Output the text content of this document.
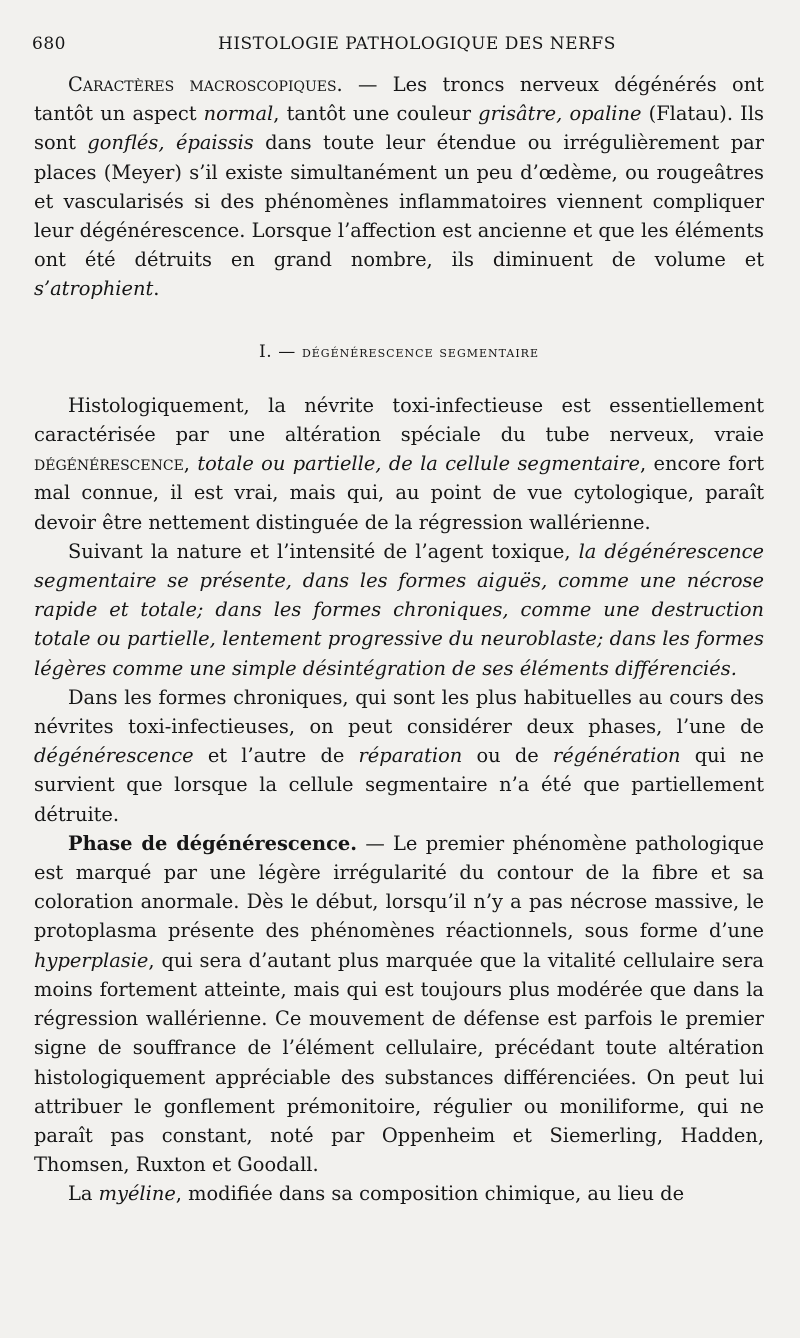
680	HISTOLOGIE PATHOLOGIQUE DES NERFS

Caractères macroscopiques. — Les troncs nerveux dégénérés ont tantôt un aspect normal, tantôt une couleur grisâtre, opaline (Flatau). Ils sont gonflés, épaissis dans toute leur étendue ou irrégulièrement par places (Meyer) s’il existe simultanément un peu d’œdème, ou rougeâtres et vascularisés si des phénomènes inflammatoires viennent compliquer leur dégénérescence. Lorsque l’affection est ancienne et que les éléments ont été détruits en grand nombre, ils diminuent de volume et s’atrophient.

I. — dégénérescence segmentaire

Histologiquement, la névrite toxi-infectieuse est essentiellement caractérisée par une altération spéciale du tube nerveux, vraie dégénérescence, totale ou partielle, de la cellule segmentaire, encore fort mal connue, il est vrai, mais qui, au point de vue cytologique, paraît devoir être nettement distinguée de la régression wallérienne.

Suivant la nature et l’intensité de l’agent toxique, la dégénérescence segmentaire se présente, dans les formes aiguës, comme une nécrose rapide et totale; dans les formes chroniques, comme une destruction totale ou partielle, lentement progressive du neuroblaste; dans les formes légères comme une simple désintégration de ses éléments différenciés.

Dans les formes chroniques, qui sont les plus habituelles au cours des névrites toxi-infectieuses, on peut considérer deux phases, l’une de dégénérescence et l’autre de réparation ou de régénération qui ne survient que lorsque la cellule segmentaire n’a été que partiellement détruite.

Phase de dégénérescence. — Le premier phénomène pathologique est marqué par une légère irrégularité du contour de la fibre et sa coloration anormale. Dès le début, lorsqu’il n’y a pas nécrose massive, le protoplasma présente des phénomènes réactionnels, sous forme d’une hyperplasie, qui sera d’autant plus marquée que la vitalité cellulaire sera moins fortement atteinte, mais qui est toujours plus modérée que dans la régression wallérienne. Ce mouvement de défense est parfois le premier signe de souffrance de l’élément cellulaire, précédant toute altération histologiquement appréciable des substances différenciées. On peut lui attribuer le gonflement prémonitoire, régulier ou moniliforme, qui ne paraît pas constant, noté par Oppenheim et Siemerling, Hadden, Thomsen, Ruxton et Goodall.

La myéline, modifiée dans sa composition chimique, au lieu de
